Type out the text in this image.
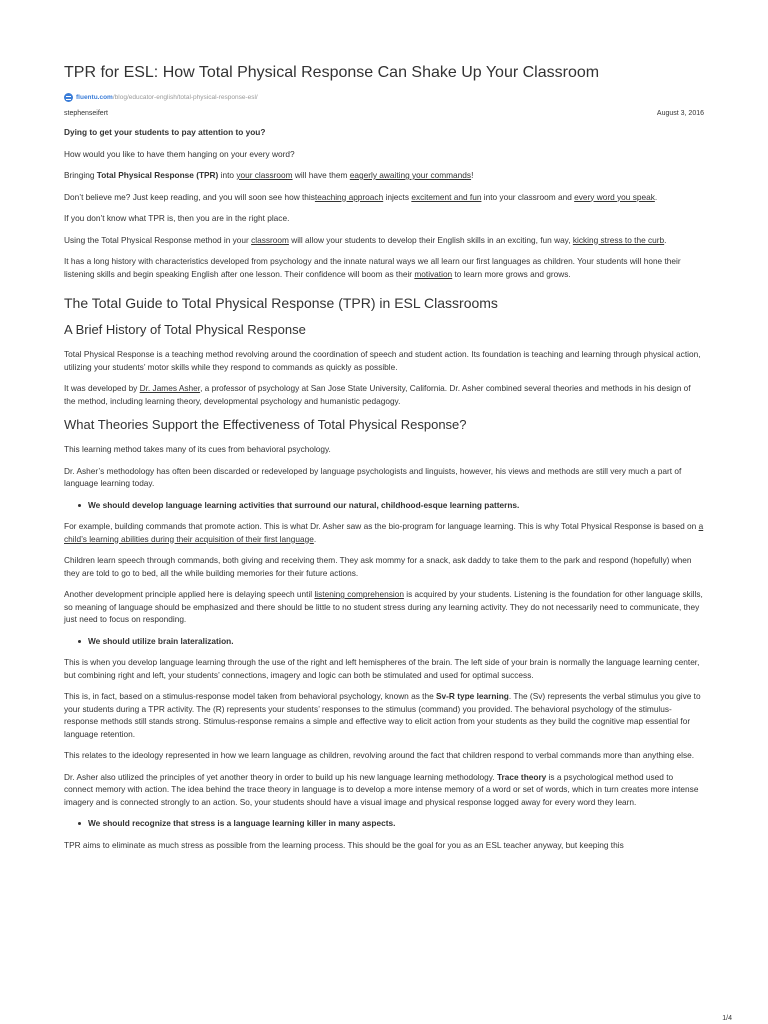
TPR for ESL: How Total Physical Response Can Shake Up Your Classroom
fluentu.com/blog/educator-english/total-physical-response-esl/
stephenseifert	August 3, 2016

Dying to get your students to pay attention to you?

How would you like to have them hanging on your every word?

Bringing Total Physical Response (TPR) into your classroom will have them eagerly awaiting your commands!

Don’t believe me? Just keep reading, and you will soon see how thisteaching approach injects excitement and fun into your classroom and every word you speak.

If you don’t know what TPR is, then you are in the right place.

Using the Total Physical Response method in your classroom will allow your students to develop their English skills in an exciting, fun way, kicking stress to the curb.

It has a long history with characteristics developed from psychology and the innate natural ways we all learn our first languages as children. Your students will hone their listening skills and begin speaking English after one lesson. Their confidence will boom as their motivation to learn more grows and grows.

The Total Guide to Total Physical Response (TPR) in ESL Classrooms
A Brief History of Total Physical Response

Total Physical Response is a teaching method revolving around the coordination of speech and student action. Its foundation is teaching and learning through physical action, utilizing your students’ motor skills while they respond to commands as quickly as possible.

It was developed by Dr. James Asher, a professor of psychology at San Jose State University, California. Dr. Asher combined several theories and methods in his design of the method, including learning theory, developmental psychology and humanistic pedagogy.

What Theories Support the Effectiveness of Total Physical Response?

This learning method takes many of its cues from behavioral psychology.

Dr. Asher’s methodology has often been discarded or redeveloped by language psychologists and linguists, however, his views and methods are still very much a part of language learning today.

We should develop language learning activities that surround our natural, childhood-esque learning patterns.

For example, building commands that promote action. This is what Dr. Asher saw as the bio-program for language learning. This is why Total Physical Response is based on a child’s learning abilities during their acquisition of their first language.

Children learn speech through commands, both giving and receiving them. They ask mommy for a snack, ask daddy to take them to the park and respond (hopefully) when they are told to go to bed, all the while building memories for their future actions.

Another development principle applied here is delaying speech until listening comprehension is acquired by your students. Listening is the foundation for other language skills, so meaning of language should be emphasized and there should be little to no student stress during any learning activity. They do not necessarily need to communicate, they just need to focus on responding.

We should utilize brain lateralization.

This is when you develop language learning through the use of the right and left hemispheres of the brain. The left side of your brain is normally the language learning center, but combining right and left, your students’ connections, imagery and logic can both be stimulated and used for optimal success.

This is, in fact, based on a stimulus-response model taken from behavioral psychology, known as the Sv-R type learning. The (Sv) represents the verbal stimulus you give to your students during a TPR activity. The (R) represents your students’ responses to the stimulus (command) you provided. The behavioral psychology of the stimulus-response methods still stands strong. Stimulus-response remains a simple and effective way to elicit action from your students as they build the cognitive map essential for language retention.

This relates to the ideology represented in how we learn language as children, revolving around the fact that children respond to verbal commands more than anything else.

Dr. Asher also utilized the principles of yet another theory in order to build up his new language learning methodology. Trace theory is a psychological method used to connect memory with action. The idea behind the trace theory in language is to develop a more intense memory of a word or set of words, which in turn creates more intense imagery and is connected strongly to an action. So, your students should have a visual image and physical response logged away for every word they learn.

We should recognize that stress is a language learning killer in many aspects.

TPR aims to eliminate as much stress as possible from the learning process. This should be the goal for you as an ESL teacher anyway, but keeping this

1/4
